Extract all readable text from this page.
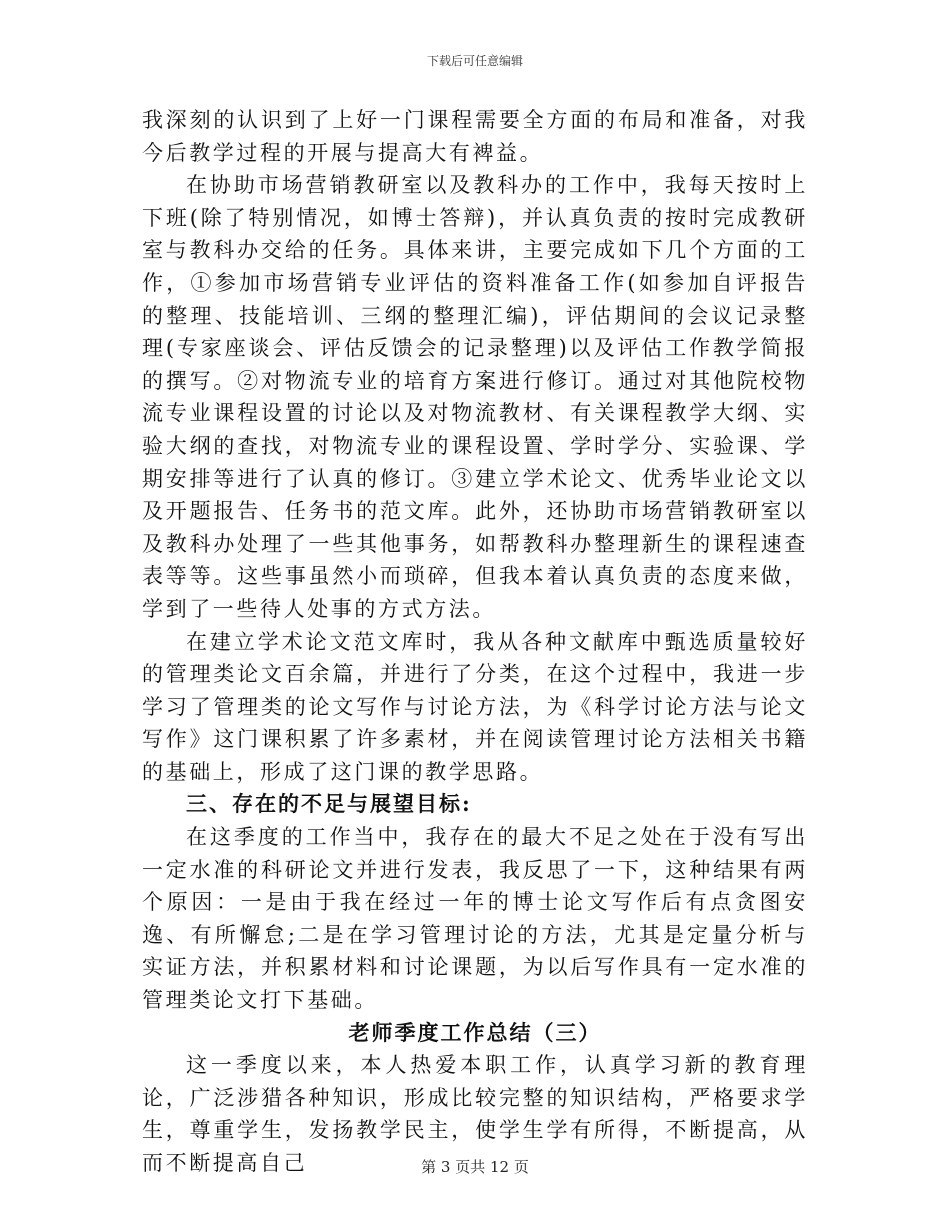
下载后可任意编辑

我深刻的认识到了上好一门课程需要全方面的布局和准备，对我今后教学过程的开展与提高大有裨益。

在协助市场营销教研室以及教科办的工作中，我每天按时上下班(除了特别情况，如博士答辩)，并认真负责的按时完成教研室与教科办交给的任务。具体来讲，主要完成如下几个方面的工作，①参加市场营销专业评估的资料准备工作(如参加自评报告的整理、技能培训、三纲的整理汇编)，评估期间的会议记录整理(专家座谈会、评估反馈会的记录整理)以及评估工作教学简报的撰写。②对物流专业的培育方案进行修订。通过对其他院校物流专业课程设置的讨论以及对物流教材、有关课程教学大纲、实验大纲的查找，对物流专业的课程设置、学时学分、实验课、学期安排等进行了认真的修订。③建立学术论文、优秀毕业论文以及开题报告、任务书的范文库。此外，还协助市场营销教研室以及教科办处理了一些其他事务，如帮教科办整理新生的课程速查表等等。这些事虽然小而琐碎，但我本着认真负责的态度来做，学到了一些待人处事的方式方法。

在建立学术论文范文库时，我从各种文献库中甄选质量较好的管理类论文百余篇，并进行了分类，在这个过程中，我进一步学习了管理类的论文写作与讨论方法，为《科学讨论方法与论文写作》这门课积累了许多素材，并在阅读管理讨论方法相关书籍的基础上，形成了这门课的教学思路。

三、存在的不足与展望目标:

在这季度的工作当中，我存在的最大不足之处在于没有写出一定水准的科研论文并进行发表，我反思了一下，这种结果有两个原因：一是由于我在经过一年的博士论文写作后有点贪图安逸、有所懈怠;二是在学习管理讨论的方法，尤其是定量分析与实证方法，并积累材料和讨论课题，为以后写作具有一定水准的管理类论文打下基础。

老师季度工作总结（三）

这一季度以来，本人热爱本职工作，认真学习新的教育理论，广泛涉猎各种知识，形成比较完整的知识结构，严格要求学生，尊重学生，发扬教学民主，使学生学有所得，不断提高，从而不断提高自己	第 3 页共 12 页
